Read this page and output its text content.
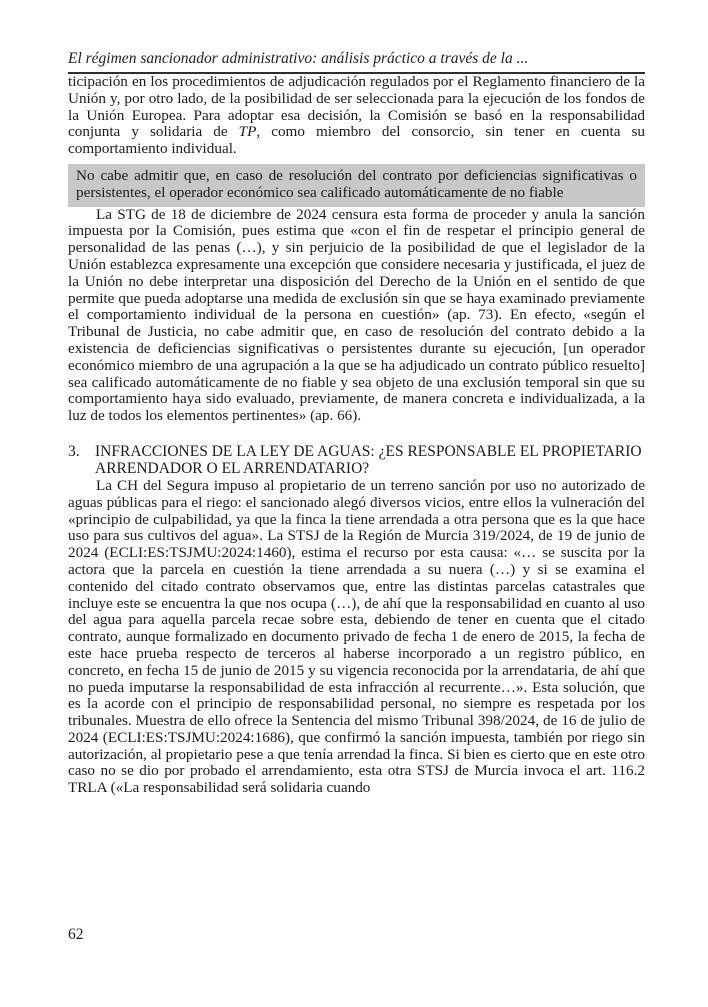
El régimen sancionador administrativo: análisis práctico a través de la ...

ticipación en los procedimientos de adjudicación regulados por el Reglamento financiero de la Unión y, por otro lado, de la posibilidad de ser seleccionada para la ejecución de los fondos de la Unión Europea. Para adoptar esa decisión, la Comisión se basó en la responsabilidad conjunta y solidaria de TP, como miembro del consorcio, sin tener en cuenta su comportamiento individual.

No cabe admitir que, en caso de resolución del contrato por deficiencias significativas o persistentes, el operador económico sea calificado automáticamente de no fiable

La STG de 18 de diciembre de 2024 censura esta forma de proceder y anula la sanción impuesta por la Comisión, pues estima que «con el fin de respetar el principio general de personalidad de las penas (…), y sin perjuicio de la posibilidad de que el legislador de la Unión establezca expresamente una excepción que considere necesaria y justificada, el juez de la Unión no debe interpretar una disposición del Derecho de la Unión en el sentido de que permite que pueda adoptarse una medida de exclusión sin que se haya examinado previamente el comportamiento individual de la persona en cuestión» (ap. 73). En efecto, «según el Tribunal de Justicia, no cabe admitir que, en caso de resolución del contrato debido a la existencia de deficiencias significativas o persistentes durante su ejecución, [un operador económico miembro de una agrupación a la que se ha adjudicado un contrato público resuelto] sea calificado automáticamente de no fiable y sea objeto de una exclusión temporal sin que su comportamiento haya sido evaluado, previamente, de manera concreta e individualizada, a la luz de todos los elementos pertinentes» (ap. 66).

3. INFRACCIONES DE LA LEY DE AGUAS: ¿ES RESPONSABLE EL PROPIETARIO ARRENDADOR O EL ARRENDATARIO?

La CH del Segura impuso al propietario de un terreno sanción por uso no autorizado de aguas públicas para el riego: el sancionado alegó diversos vicios, entre ellos la vulneración del «principio de culpabilidad, ya que la finca la tiene arrendada a otra persona que es la que hace uso para sus cultivos del agua». La STSJ de la Región de Murcia 319/2024, de 19 de junio de 2024 (ECLI:ES:TSJMU:2024:1460), estima el recurso por esta causa: «… se suscita por la actora que la parcela en cuestión la tiene arrendada a su nuera (…) y si se examina el contenido del citado contrato observamos que, entre las distintas parcelas catastrales que incluye este se encuentra la que nos ocupa (…), de ahí que la responsabilidad en cuanto al uso del agua para aquella parcela recae sobre esta, debiendo de tener en cuenta que el citado contrato, aunque formalizado en documento privado de fecha 1 de enero de 2015, la fecha de este hace prueba respecto de terceros al haberse incorporado a un registro público, en concreto, en fecha 15 de junio de 2015 y su vigencia reconocida por la arrendataria, de ahí que no pueda imputarse la responsabilidad de esta infracción al recurrente…». Esta solución, que es la acorde con el principio de responsabilidad personal, no siempre es respetada por los tribunales. Muestra de ello ofrece la Sentencia del mismo Tribunal 398/2024, de 16 de julio de 2024 (ECLI:ES:TSJMU:2024:1686), que confirmó la sanción impuesta, también por riego sin autorización, al propietario pese a que tenía arrendad la finca. Si bien es cierto que en este otro caso no se dio por probado el arrendamiento, esta otra STSJ de Murcia invoca el art. 116.2 TRLA («La responsabilidad será solidaria cuando

62
